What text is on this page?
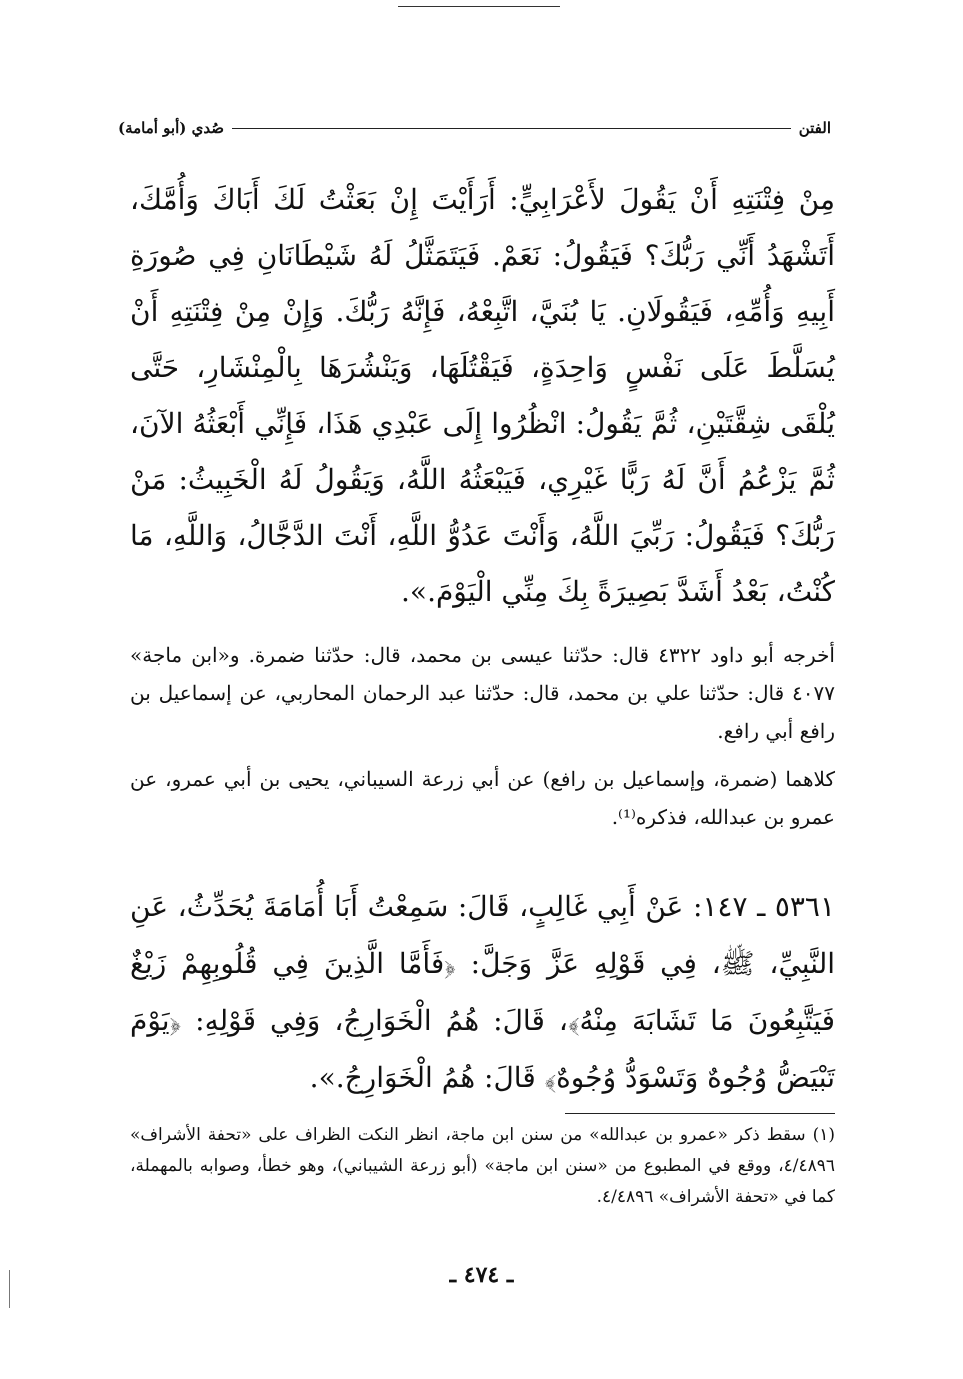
الفتن
صُدي (أبو أمامة)

مِنْ فِتْنَتِهِ أَنْ يَقُولَ لأَعْرَابِيٍّ: أَرَأَيْتَ إِنْ بَعَثْتُ لَكَ أَبَاكَ وَأُمَّكَ، أَتَشْهَدُ أَنِّي رَبُّكَ؟ فَيَقُولُ: نَعَمْ. فَيَتَمَثَّلُ لَهُ شَيْطَانَانِ فِي صُورَةِ أَبِيهِ وَأُمِّهِ، فَيَقُولَانِ. يَا بُنَيَّ، اتَّبِعْهُ، فَإِنَّهُ رَبُّكَ. وَإِنْ مِنْ فِتْنَتِهِ أَنْ يُسَلَّطَ عَلَى نَفْسٍ وَاحِدَةٍ، فَيَقْتُلَهَا، وَيَنْشُرَهَا بِالْمِنْشَارِ، حَتَّى يُلْقَى شِقَّتَيْنِ، ثُمَّ يَقُولُ: انْظُرُوا إِلَى عَبْدِي هَذَا، فَإِنِّي أَبْعَثُهُ الآنَ، ثُمَّ يَزْعُمُ أَنَّ لَهُ رَبًّا غَيْرِي، فَيَبْعَثُهُ اللَّهُ، وَيَقُولُ لَهُ الْخَبِيثُ: مَنْ رَبُّكَ؟ فَيَقُولُ: رَبِّيَ اللَّهُ، وَأَنْتَ عَدُوُّ اللَّهِ، أَنْتَ الدَّجَّالُ، وَاللَّهِ، مَا كُنْتُ، بَعْدُ أَشَدَّ بَصِيرَةً بِكَ مِنِّي الْيَوْمَ.».

أخرجه أبو داود ٤٣٢٢ قال: حدّثنا عيسى بن محمد، قال: حدّثنا ضمرة. و«ابن ماجة» ٤٠٧٧ قال: حدّثنا علي بن محمد، قال: حدّثنا عبد الرحمان المحاربي، عن إسماعيل بن رافع أبي رافع.

كلاهما (ضمرة، وإسماعيل بن رافع) عن أبي زرعة السيباني، يحيى بن أبي عمرو، عن عمرو بن عبدالله، فذكره⁽¹⁾.

٥٣٦١ ـ ١٤٧: عَنْ أَبِي غَالِبٍ، قَالَ: سَمِعْتُ أَبَا أُمَامَةَ يُحَدِّثُ، عَنِ النَّبِيِّ، ﷺ، فِي قَوْلِهِ عَزَّ وَجَلَّ: ﴿فَأَمَّا الَّذِينَ فِي قُلُوبِهِمْ زَيْغٌ فَيَتَّبِعُونَ مَا تَشَابَهَ مِنْهُ﴾، قَالَ: هُمُ الْخَوَارِجُ، وَفِي قَوْلِهِ: ﴿يَوْمَ تَبْيَضُّ وُجُوهٌ وَتَسْوَدُّ وُجُوهٌ﴾ قَالَ: هُمُ الْخَوَارِجُ.».

(١) سقط ذكر «عمرو بن عبدالله» من سنن ابن ماجة، انظر النكت الظراف على «تحفة الأشراف» ٤/٤٨٩٦، ووقع في المطبوع من «سنن ابن ماجة» (أبو زرعة الشيباني)، وهو خطأ، وصوابه بالمهملة، كما في «تحفة الأشراف» ٤/٤٨٩٦.

ـ ٤٧٤ ـ
